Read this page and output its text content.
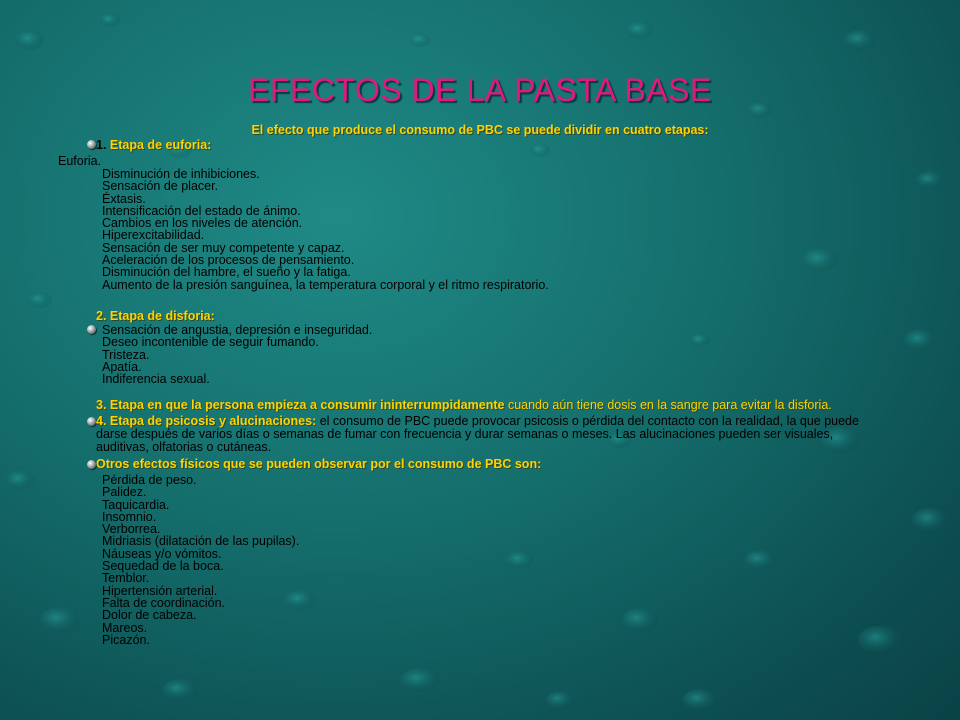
EFECTOS DE LA PASTA BASE
El efecto que produce el consumo de PBC se puede dividir en cuatro etapas:
1. Etapa de euforia:
Euforia.
Disminución de inhibiciones.
Sensación de placer.
Éxtasis.
Intensificación del estado de ánimo.
Cambios en los niveles de atención.
Hiperexcitabilidad.
Sensación de ser muy competente y capaz.
Aceleración de los procesos de pensamiento.
Disminución del hambre, el sueño y la fatiga.
Aumento de la presión sanguínea, la temperatura corporal y el ritmo respiratorio.
2. Etapa de disforia:
Sensación de angustia, depresión e inseguridad.
Deseo incontenible de seguir fumando.
Tristeza.
Apatía.
Indiferencia sexual.
3. Etapa en que la persona empieza a consumir ininterrumpidamente cuando aún tiene dosis en la sangre para evitar la disforia.
4. Etapa de psicosis y alucinaciones: el consumo de PBC puede provocar psicosis o pérdida del contacto con la realidad, la que puede
darse después de varios días o semanas de fumar con frecuencia y durar semanas o meses. Las alucinaciones pueden ser visuales,
auditivas, olfatorias o cutáneas.
Otros efectos físicos que se pueden observar por el consumo de PBC son:
Pérdida de peso.
Palidez.
Taquicardia.
Insomnio.
Verborrea.
Midriasis (dilatación de las pupilas).
Náuseas y/o vómitos.
Sequedad de la boca.
Temblor.
Hipertensión arterial.
Falta de coordinación.
Dolor de cabeza.
Mareos.
Picazón.
